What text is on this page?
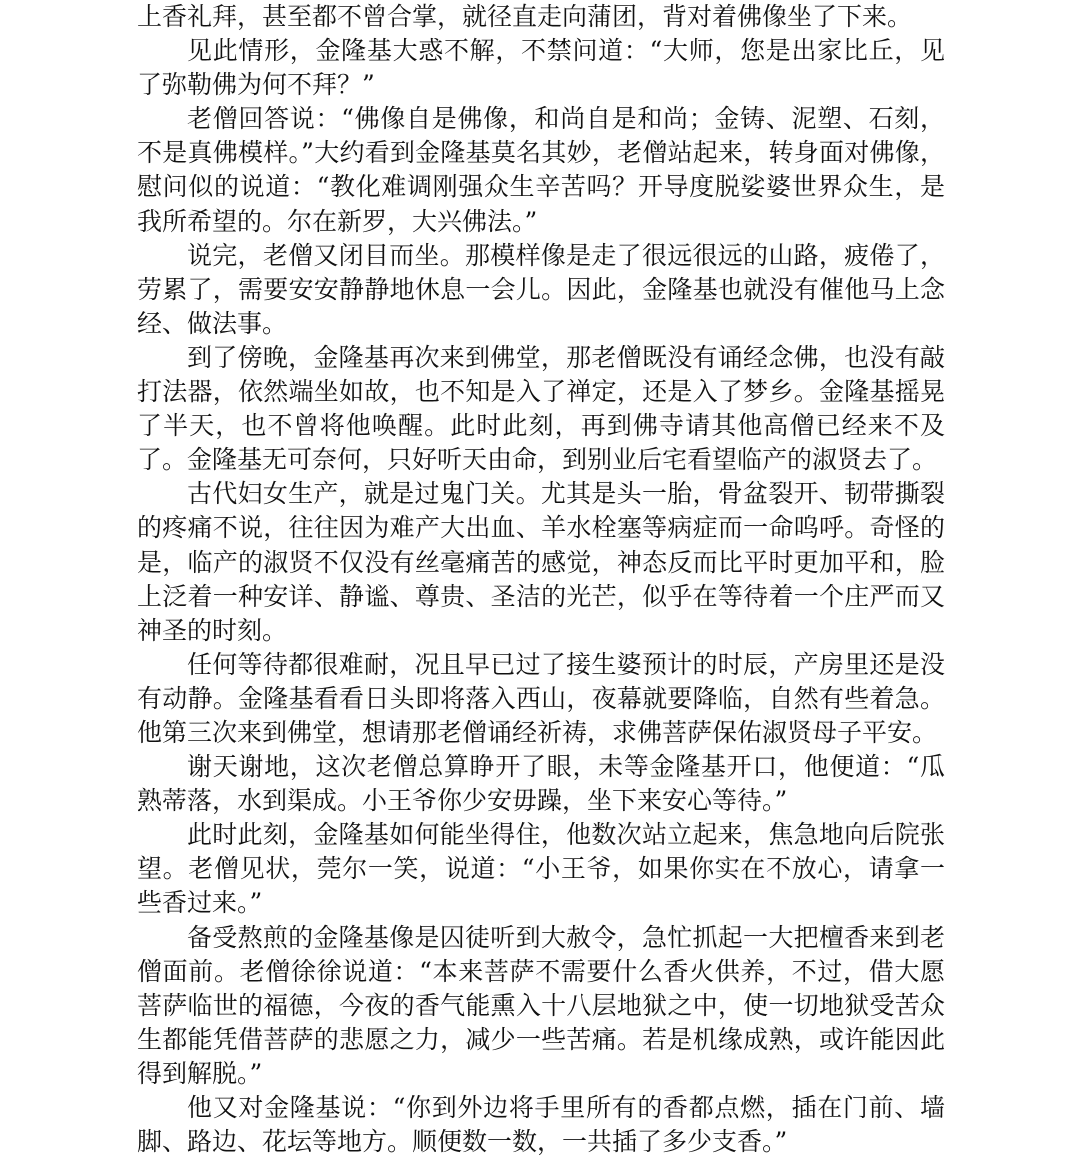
上香礼拜，甚至都不曾合掌，就径直走向蒲团，背对着佛像坐了下来。

见此情形，金隆基大惑不解，不禁问道：“大师，您是出家比丘，见了弥勒佛为何不拜？”

老僧回答说：“佛像自是佛像，和尚自是和尚；金铸、泥塑、石刻，不是真佛模样。”大约看到金隆基莫名其妙，老僧站起来，转身面对佛像，慰问似的说道：“教化难调刚强众生辛苦吗？开导度脱娑婆世界众生，是我所希望的。尔在新罗，大兴佛法。”

说完，老僧又闭目而坐。那模样像是走了很远很远的山路，疲倦了，劳累了，需要安安静静地休息一会儿。因此，金隆基也就没有催他马上念经、做法事。

到了傍晚，金隆基再次来到佛堂，那老僧既没有诵经念佛，也没有敲打法器，依然端坐如故，也不知是入了禅定，还是入了梦乡。金隆基摇晃了半天，也不曾将他唤醒。此时此刻，再到佛寺请其他高僧已经来不及了。金隆基无可奈何，只好听天由命，到别业后宅看望临产的淑贤去了。

古代妇女生产，就是过鬼门关。尤其是头一胎，骨盆裂开、韧带撕裂的疼痛不说，往往因为难产大出血、羊水栓塞等病症而一命呜呼。奇怪的是，临产的淑贤不仅没有丝毫痛苦的感觉，神态反而比平时更加平和，脸上泛着一种安详、静谧、尊贵、圣洁的光芒，似乎在等待着一个庄严而又神圣的时刻。

任何等待都很难耐，况且早已过了接生婆预计的时辰，产房里还是没有动静。金隆基看看日头即将落入西山，夜幕就要降临，自然有些着急。他第三次来到佛堂，想请那老僧诵经祈祷，求佛菩萨保佑淑贤母子平安。

谢天谢地，这次老僧总算睁开了眼，未等金隆基开口，他便道：“瓜熟蒂落，水到渠成。小王爷你少安毋躁，坐下来安心等待。”

此时此刻，金隆基如何能坐得住，他数次站立起来，焦急地向后院张望。老僧见状，莞尔一笑，说道：“小王爷，如果你实在不放心，请拿一些香过来。”

备受熬煎的金隆基像是囚徒听到大赦令，急忙抓起一大把檀香来到老僧面前。老僧徐徐说道：“本来菩萨不需要什么香火供养，不过，借大愿菩萨临世的福德，今夜的香气能熏入十八层地狱之中，使一切地狱受苦众生都能凭借菩萨的悲愿之力，减少一些苦痛。若是机缘成熟，或许能因此得到解脱。”

他又对金隆基说：“你到外边将手里所有的香都点燃，插在门前、墙脚、路边、花坛等地方。顺便数一数，一共插了多少支香。”
